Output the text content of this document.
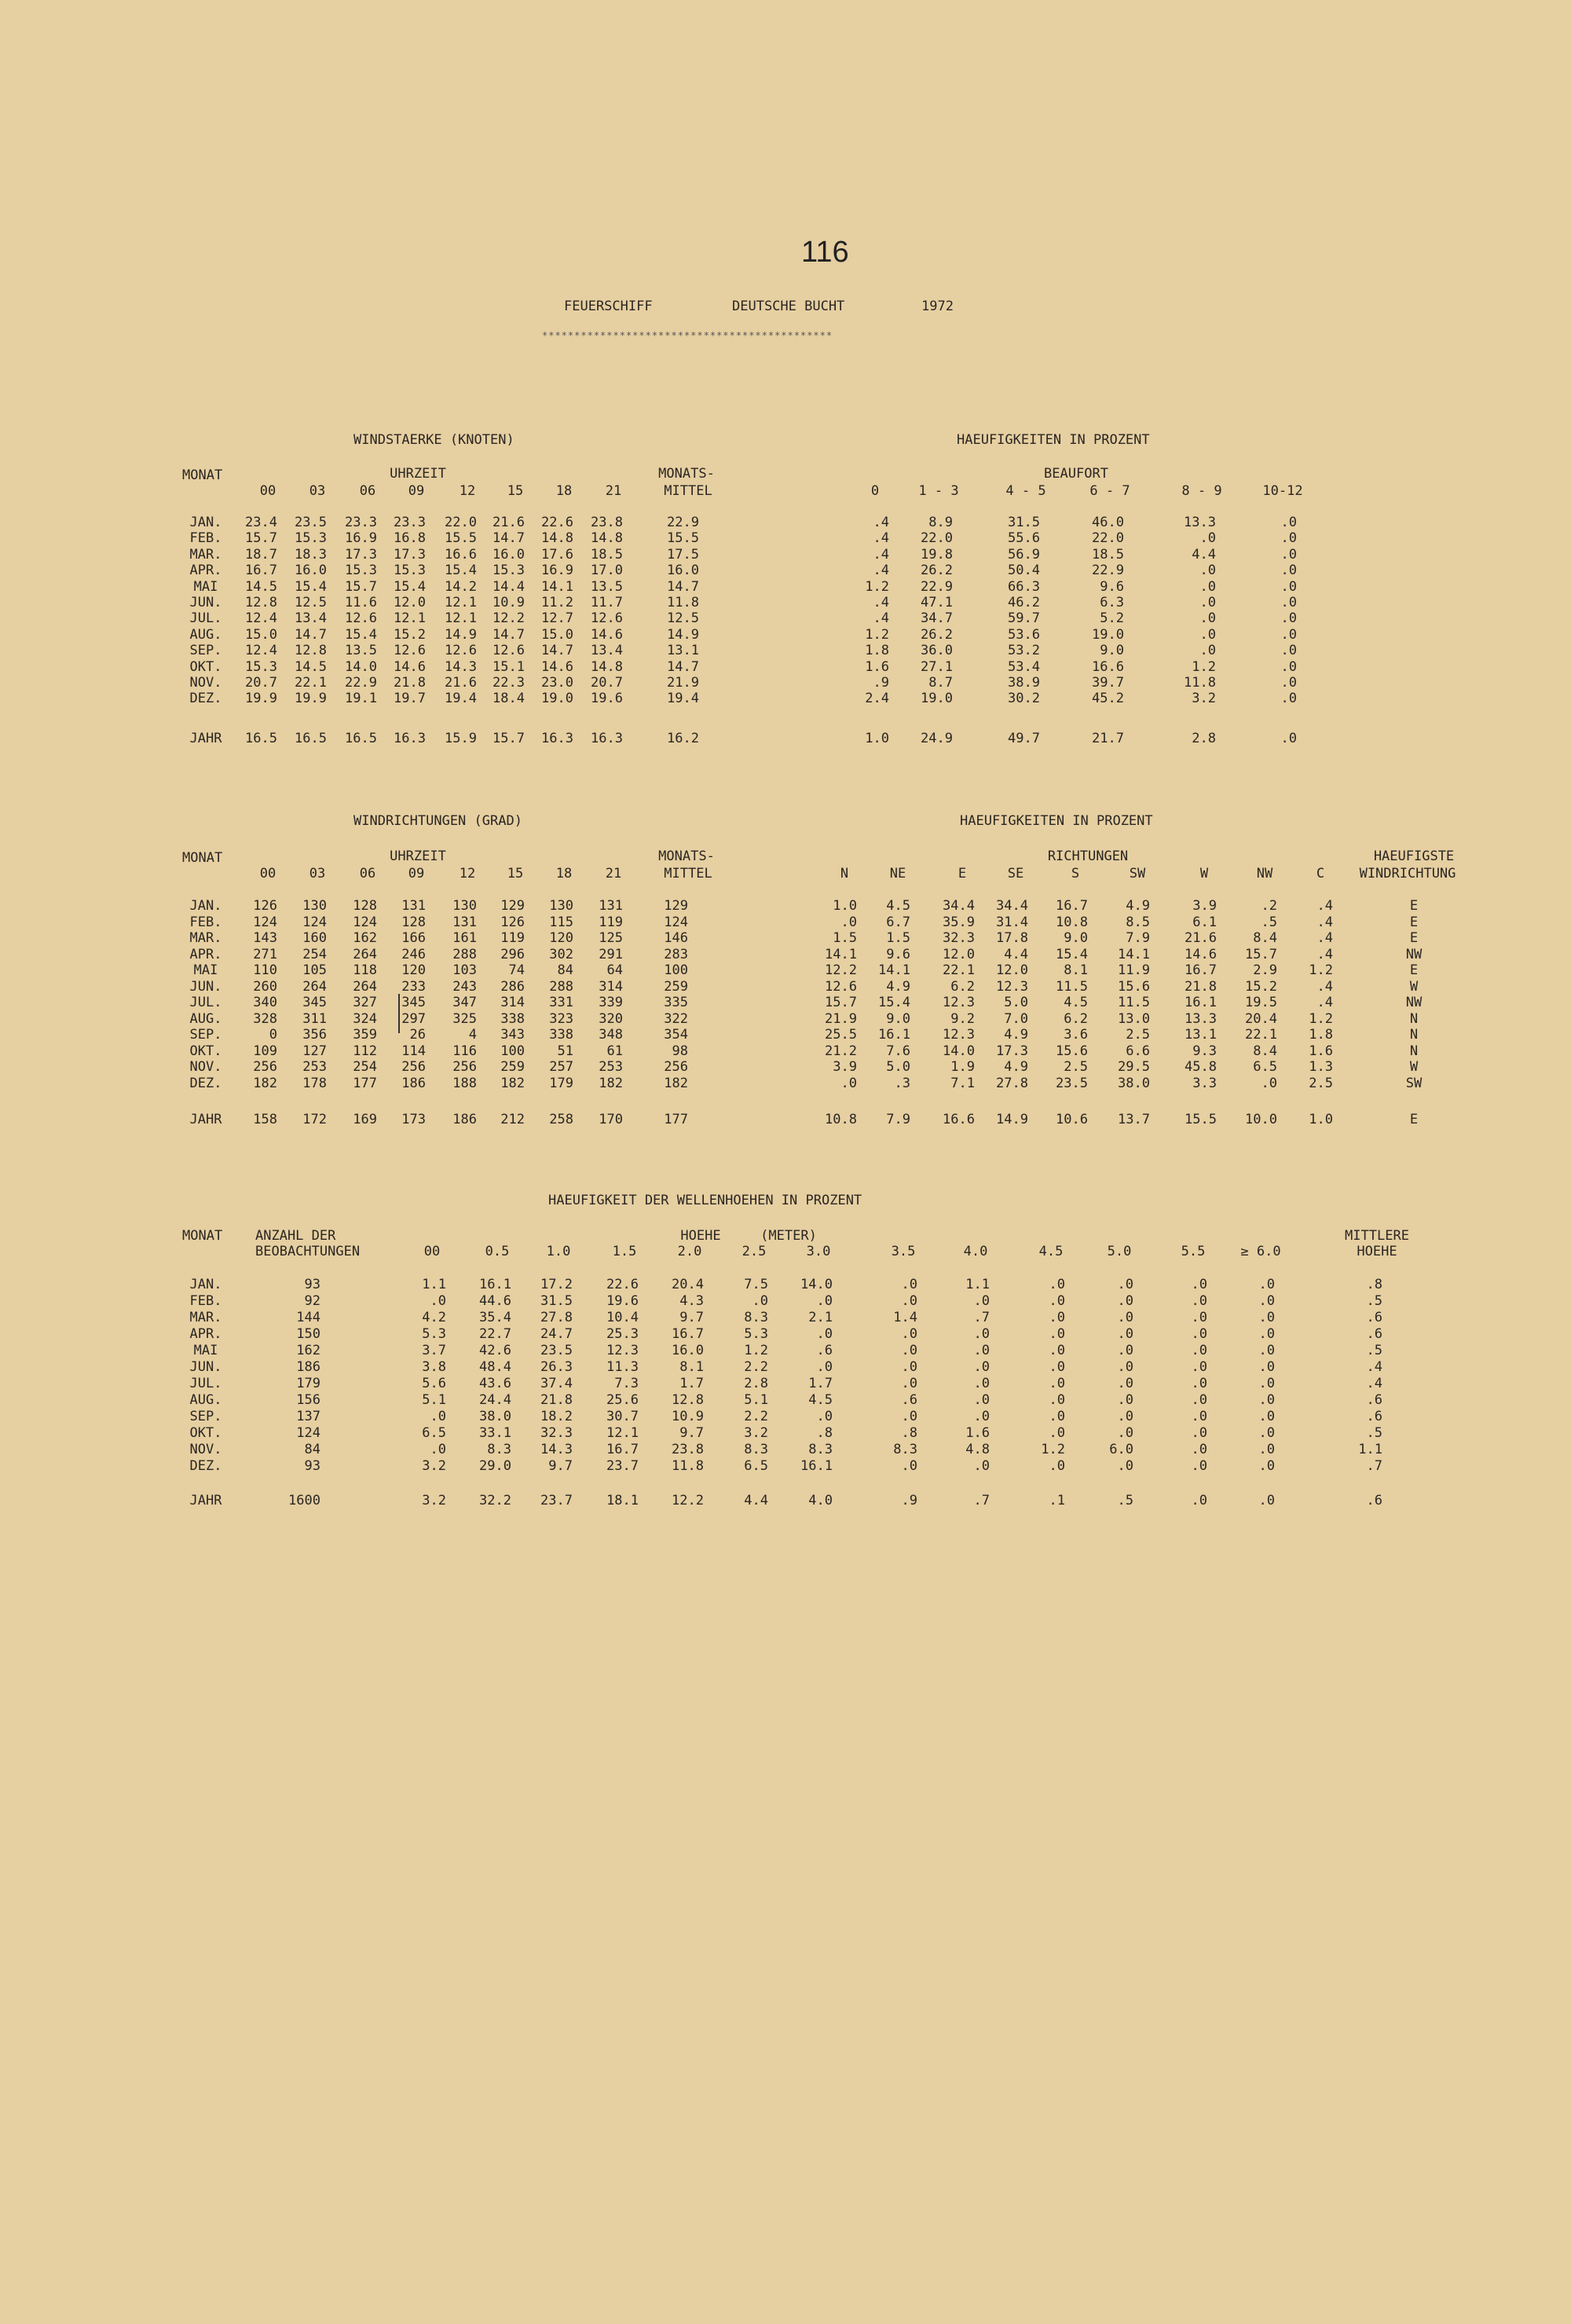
116
FEUERSCHIFF	DEUTSCHE BUCHT	1972
*********************************************
WINDSTAERKE (KNOTEN)	HAEUFIGKEITEN IN PROZENT
MONAT	UHRZEIT	MONATS-	BEAUFORT
00	03	06 09	12 15 18	21	MITTEL	0	1 - 3	4 - 5	6 - 7	8 - 9	10-12
JAN. 23.4 23.5 23.3 23.3 22.0 21.6 22.6 23.8	22.9	.4	8.9	31.5	46.0	13.3	.0
FEB. 15.7 15.3 16.9 16.8 15.5 14.7 14.8 14.8	15.5	.4 22.0	55.6	22.0	.0	.0
MAR. 18.7 18.3 17.3 17.3 16.6 16.0 17.6 18.5	17.5	.4 19.8	56.9	18.5	4.4	.0
APR. 16.7 16.0 15.3 15.3 15.4 15.3 16.9 17.0	16.0	.4 26.2	50.4	22.9	.0	.0
MAI 14.5 15.4 15.7 15.4 14.2 14.4 14.1 13.5	14.7	1.2 22.9	66.3	9.6	.0	.0
JUN. 12.8 12.5 11.6 12.0 12.1 10.9 11.2 11.7	11.8	.4 47.1	46.2	6.3	.0	.0
JUL. 12.4 13.4 12.6 12.1 12.1 12.2 12.7 12.6	12.5	.4 34.7	59.7	5.2	.0	.0
AUG. 15.0 14.7 15.4 15.2 14.9 14.7 15.0 14.6	14.9	1.2 26.2	53.6	19.0	.0	.0
SEP. 12.4 12.8 13.5 12.6 12.6 12.6 14.7 13.4	13.1	1.8 36.0	53.2	9.0	.0	.0
OKT. 15.3 14.5 14.0 14.6 14.3 15.1 14.6 14.8	14.7	1.6 27.1	53.4	16.6	1.2	.0
NOV. 20.7 22.1 22.9 21.8 21.6 22.3 23.0 20.7	21.9	.9	8.7	38.9	39.7	11.8	.0
DEZ. 19.9 19.9 19.1 19.7 19.4 18.4 19.0 19.6	19.4	2.4 19.0	30.2	45.2	3.2	.0
JAHR 16.5 16.5 16.5 16.3 15.9 15.7 16.3 16.3	16.2	1.0 24.9	49.7	21.7	2.8	.0
WINDRICHTUNGEN (GRAD)	HAEUFIGKEITEN IN PROZENT
MONAT	UHRZEIT	MONATS-	RICHTUNGEN	HAEUFIGSTE
00	03	06 09	12 15 18	21	MITTEL	N	NE	E	SE	S	SW	W	NW	C	WINDRICHTUNG
JAN. 126 130 128 131 130 129 130 131	129	1.0 4.5 34.4 34.4 16.7	4.9	3.9	.2	.4	E
FEB. 124 124 124 128 131 126 115 119	124	.0 6.7 35.9 31.4 10.8	8.5	6.1	.5	.4	E
MAR. 143 160 162 166 161 119 120 125	146	1.5 1.5 32.3 17.8	9.0	7.9	21.6	8.4	.4	E
APR. 271 254 264 246 288 296 302 291	283	14.1 9.6 12.0 4.4 15.4 14.1	14.6 15.7	.4	NW
MAI	110 105 118 120 103 74 84	64	100	12.2 14.1 22.1 12.0	8.1 11.9	16.7	2.9 1.2	E
JUN. 260 264 264 233 243 286 288 314	259	12.6 4.9	6.2 12.3 11.5 15.6	21.8 15.2	.4	W
JUL. 340 345 327 345 347 314 331 339	335	15.7 15.4 12.3 5.0	4.5 11.5	16.1 19.5	.4	NW
AUG. 328 311 324 297 325 338 323 320	322	21.9 9.0	9.2 7.0	6.2 13.0	13.3 20.4 1.2	N
SEP.	0 356 359 26	4 343 338 348	354	25.5 16.1 12.3 4.9	3.6	2.5	13.1 22.1 1.8	N
OKT. 109 127 112 114 116 100 51	61	98	21.2 7.6 14.0 17.3 15.6	6.6	9.3	8.4 1.6	N
NOV. 256 253 254 256 256 259 257 253	256	3.9 5.0	1.9 4.9	2.5 29.5	45.8	6.5 1.3	W
DEZ. 182 178 177 186 188 182 179 182	182	.0	.3	7.1 27.8 23.5 38.0	3.3	.0 2.5	SW
JAHR 158 172 169 173 186 212 258 170	177	10.8 7.9 16.6 14.9 10.6 13.7	15.5 10.0 1.0	E
HAEUFIGKEIT DER WELLENHOEHEN IN PROZENT
MONAT ANZAHL DER
BEOBACHTUNGEN
HOEHE	(METER)	MITTLERE
HOEHE
00	0.5	1.0	1.5	2.0	2.5	3.0	3.5	4.0	4.5	5.0	5.5	≥ 6.0
JAN.	93	1.1 16.1 17.2	22.6 20.4	7.5 14.0	.0	1.1	.0	.0	.0	.0	.8
FEB.	92	.0 44.6 31.5	19.6	4.3	.0	.0	.0	.0	.0	.0	.0	.0	.5
MAR.	144	4.2 35.4 27.8	10.4	9.7	8.3	2.1	1.4	.7	.0	.0	.0	.0	.6
APR.	150	5.3 22.7 24.7	25.3 16.7	5.3	.0	.0	.0	.0	.0	.0	.0	.6
MAI	162	3.7 42.6 23.5	12.3 16.0	1.2	.6	.0	.0	.0	.0	.0	.0	.5
JUN.	186	3.8 48.4 26.3	11.3	8.1	2.2	.0	.0	.0	.0	.0	.0	.0	.4
JUL.	179	5.6 43.6 37.4	7.3	1.7	2.8	1.7	.0	.0	.0	.0	.0	.0	.4
AUG.	156	5.1 24.4 21.8	25.6 12.8	5.1	4.5	.6	.0	.0	.0	.0	.0	.6
SEP.	137	.0 38.0 18.2	30.7 10.9	2.2	.0	.0	.0	.0	.0	.0	.0	.6
OKT.	124	6.5 33.1 32.3	12.1	9.7	3.2	.8	.8	1.6	.0	.0	.0	.0	.5
NOV.	84	.0	8.3 14.3	16.7 23.8	8.3	8.3	8.3	4.8	1.2	6.0	.0	.0	1.1
DEZ.	93	3.2 29.0	9.7	23.7 11.8	6.5 16.1	.0	.0	.0	.0	.0	.0	.7
JAHR	1600	3.2 32.2 23.7	18.1 12.2	4.4	4.0	.9	.7	.1	.5	.0	.0	.6
